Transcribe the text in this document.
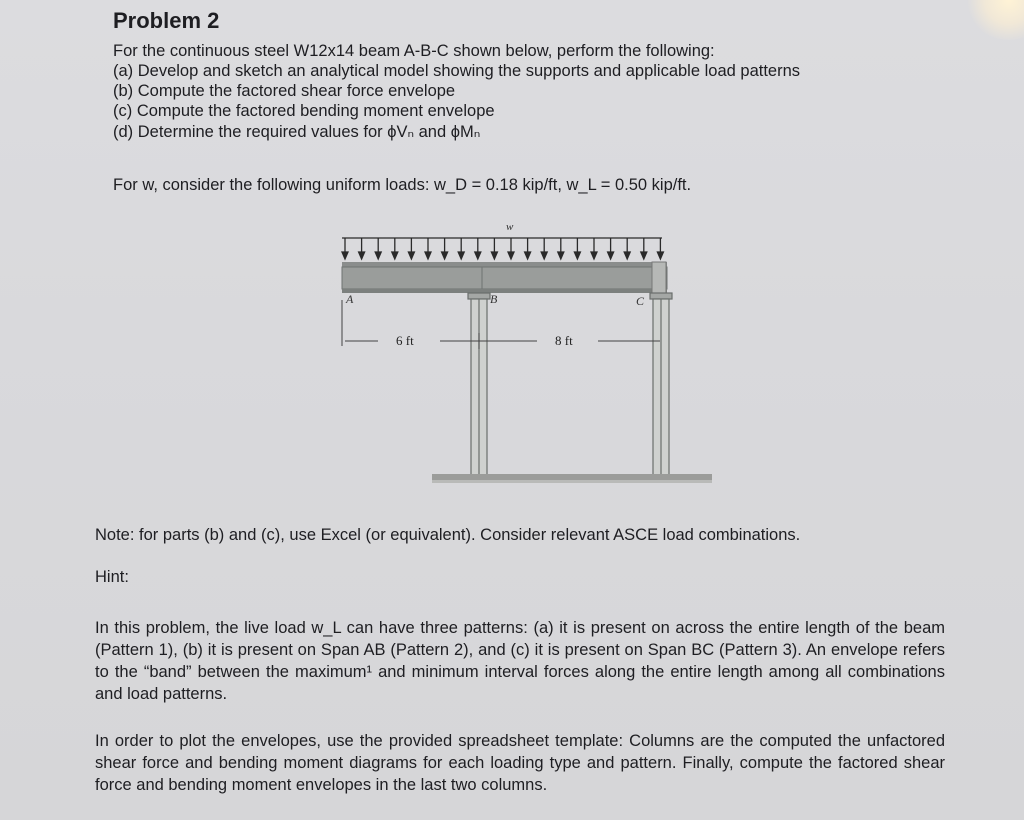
Problem 2
For the continuous steel W12x14 beam A-B-C shown below, perform the following:
(a) Develop and sketch an analytical model showing the supports and applicable load patterns
(b) Compute the factored shear force envelope
(c) Compute the factored bending moment envelope
(d) Determine the required values for ϕVₙ and ϕMₙ
For w, consider the following uniform loads: w_D = 0.18 kip/ft, w_L = 0.50 kip/ft.
w
A	B	C
6 ft	8 ft
Note: for parts (b) and (c), use Excel (or equivalent). Consider relevant ASCE load combinations.
Hint:
In this problem, the live load w_L can have three patterns: (a) it is present on across the entire length of the beam (Pattern 1), (b) it is present on Span AB (Pattern 2), and (c) it is present on Span BC (Pattern 3). An envelope refers to the “band” between the maximum¹ and minimum interval forces along the entire length among all combinations and load patterns.
In order to plot the envelopes, use the provided spreadsheet template: Columns are the computed the unfactored shear force and bending moment diagrams for each loading type and pattern. Finally, compute the factored shear force and bending moment envelopes in the last two columns.
